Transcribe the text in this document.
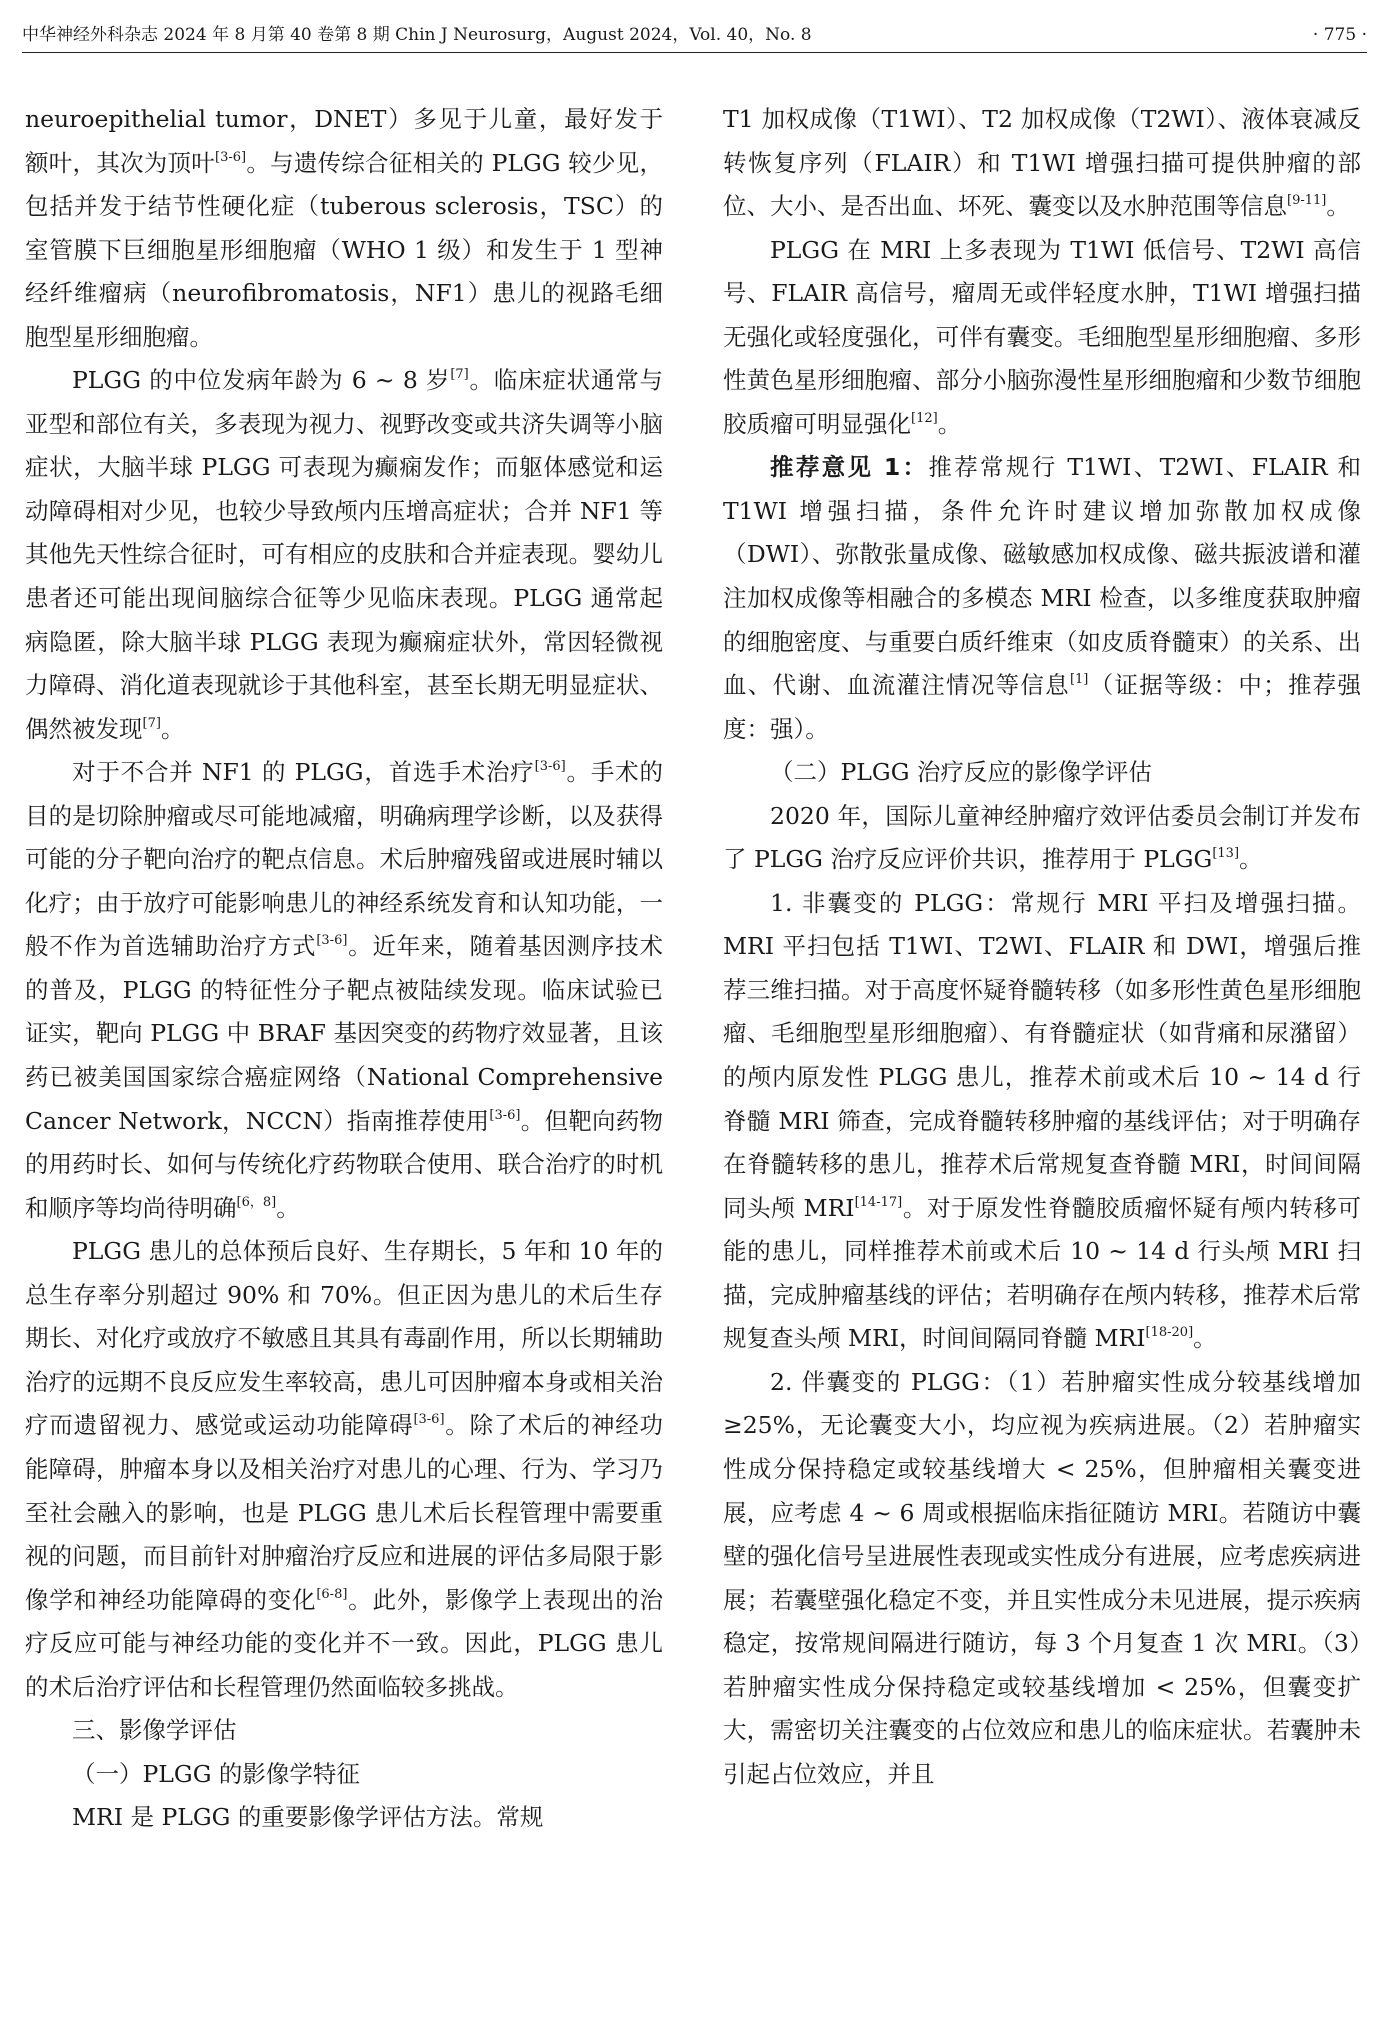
中华神经外科杂志 2024 年 8 月第 40 卷第 8 期 Chin J Neurosurg，August 2024，Vol. 40，No. 8	· 775 ·

neuroepithelial tumor，DNET）多见于儿童，最好发于额叶，其次为顶叶[3-6]。与遗传综合征相关的 PLGG 较少见，包括并发于结节性硬化症（tuberous sclerosis，TSC）的室管膜下巨细胞星形细胞瘤（WHO 1 级）和发生于 1 型神经纤维瘤病（neurofibromatosis，NF1）患儿的视路毛细胞型星形细胞瘤。

PLGG 的中位发病年龄为 6 ~ 8 岁[7]。临床症状通常与亚型和部位有关，多表现为视力、视野改变或共济失调等小脑症状，大脑半球 PLGG 可表现为癫痫发作；而躯体感觉和运动障碍相对少见，也较少导致颅内压增高症状；合并 NF1 等其他先天性综合征时，可有相应的皮肤和合并症表现。婴幼儿患者还可能出现间脑综合征等少见临床表现。PLGG 通常起病隐匿，除大脑半球 PLGG 表现为癫痫症状外，常因轻微视力障碍、消化道表现就诊于其他科室，甚至长期无明显症状、偶然被发现[7]。

对于不合并 NF1 的 PLGG，首选手术治疗[3-6]。手术的目的是切除肿瘤或尽可能地减瘤，明确病理学诊断，以及获得可能的分子靶向治疗的靶点信息。术后肿瘤残留或进展时辅以化疗；由于放疗可能影响患儿的神经系统发育和认知功能，一般不作为首选辅助治疗方式[3-6]。近年来，随着基因测序技术的普及，PLGG 的特征性分子靶点被陆续发现。临床试验已证实，靶向 PLGG 中 BRAF 基因突变的药物疗效显著，且该药已被美国国家综合癌症网络（National Comprehensive Cancer Network，NCCN）指南推荐使用[3-6]。但靶向药物的用药时长、如何与传统化疗药物联合使用、联合治疗的时机和顺序等均尚待明确[6，8]。

PLGG 患儿的总体预后良好、生存期长，5 年和 10 年的总生存率分别超过 90% 和 70%。但正因为患儿的术后生存期长、对化疗或放疗不敏感且其具有毒副作用，所以长期辅助治疗的远期不良反应发生率较高，患儿可因肿瘤本身或相关治疗而遗留视力、感觉或运动功能障碍[3-6]。除了术后的神经功能障碍，肿瘤本身以及相关治疗对患儿的心理、行为、学习乃至社会融入的影响，也是 PLGG 患儿术后长程管理中需要重视的问题，而目前针对肿瘤治疗反应和进展的评估多局限于影像学和神经功能障碍的变化[6-8]。此外，影像学上表现出的治疗反应可能与神经功能的变化并不一致。因此，PLGG 患儿的术后治疗评估和长程管理仍然面临较多挑战。

三、影像学评估

（一）PLGG 的影像学特征

MRI 是 PLGG 的重要影像学评估方法。常规

T1 加权成像（T1WI）、T2 加权成像（T2WI）、液体衰减反转恢复序列（FLAIR）和 T1WI 增强扫描可提供肿瘤的部位、大小、是否出血、坏死、囊变以及水肿范围等信息[9-11]。

PLGG 在 MRI 上多表现为 T1WI 低信号、T2WI 高信号、FLAIR 高信号，瘤周无或伴轻度水肿，T1WI 增强扫描无强化或轻度强化，可伴有囊变。毛细胞型星形细胞瘤、多形性黄色星形细胞瘤、部分小脑弥漫性星形细胞瘤和少数节细胞胶质瘤可明显强化[12]。

推荐意见 1：推荐常规行 T1WI、T2WI、FLAIR 和 T1WI 增强扫描，条件允许时建议增加弥散加权成像（DWI）、弥散张量成像、磁敏感加权成像、磁共振波谱和灌注加权成像等相融合的多模态 MRI 检查，以多维度获取肿瘤的细胞密度、与重要白质纤维束（如皮质脊髓束）的关系、出血、代谢、血流灌注情况等信息[1]（证据等级：中；推荐强度：强）。

（二）PLGG 治疗反应的影像学评估

2020 年，国际儿童神经肿瘤疗效评估委员会制订并发布了 PLGG 治疗反应评价共识，推荐用于 PLGG[13]。

1. 非囊变的 PLGG：常规行 MRI 平扫及增强扫描。MRI 平扫包括 T1WI、T2WI、FLAIR 和 DWI，增强后推荐三维扫描。对于高度怀疑脊髓转移（如多形性黄色星形细胞瘤、毛细胞型星形细胞瘤）、有脊髓症状（如背痛和尿潴留）的颅内原发性 PLGG 患儿，推荐术前或术后 10 ~ 14 d 行脊髓 MRI 筛查，完成脊髓转移肿瘤的基线评估；对于明确存在脊髓转移的患儿，推荐术后常规复查脊髓 MRI，时间间隔同头颅 MRI[14-17]。对于原发性脊髓胶质瘤怀疑有颅内转移可能的患儿，同样推荐术前或术后 10 ~ 14 d 行头颅 MRI 扫描，完成肿瘤基线的评估；若明确存在颅内转移，推荐术后常规复查头颅 MRI，时间间隔同脊髓 MRI[18-20]。

2. 伴囊变的 PLGG：（1）若肿瘤实性成分较基线增加≥25%，无论囊变大小，均应视为疾病进展。（2）若肿瘤实性成分保持稳定或较基线增大 < 25%，但肿瘤相关囊变进展，应考虑 4 ~ 6 周或根据临床指征随访 MRI。若随访中囊壁的强化信号呈进展性表现或实性成分有进展，应考虑疾病进展；若囊壁强化稳定不变，并且实性成分未见进展，提示疾病稳定，按常规间隔进行随访，每 3 个月复查 1 次 MRI。（3）若肿瘤实性成分保持稳定或较基线增加 < 25%，但囊变扩大，需密切关注囊变的占位效应和患儿的临床症状。若囊肿未引起占位效应，并且
